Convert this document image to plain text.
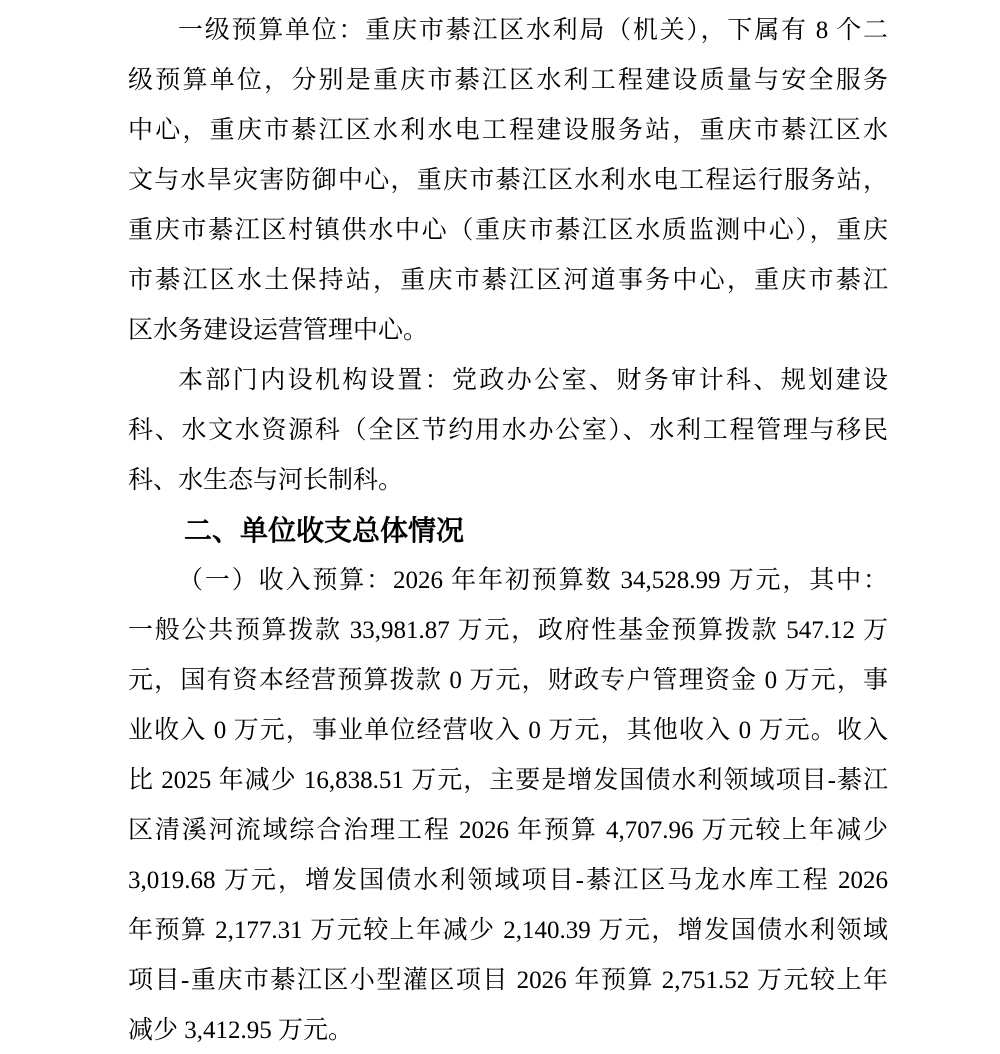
一级预算单位：重庆市綦江区水利局（机关），下属有 8 个二
级预算单位，分别是重庆市綦江区水利工程建设质量与安全服务
中心，重庆市綦江区水利水电工程建设服务站，重庆市綦江区水
文与水旱灾害防御中心，重庆市綦江区水利水电工程运行服务站，
重庆市綦江区村镇供水中心（重庆市綦江区水质监测中心），重庆
市綦江区水土保持站，重庆市綦江区河道事务中心，重庆市綦江
区水务建设运营管理中心。
本部门内设机构设置：党政办公室、财务审计科、规划建设
科、水文水资源科（全区节约用水办公室）、水利工程管理与移民
科、水生态与河长制科。
二、单位收支总体情况
（一）收入预算：2026 年年初预算数 34,528.99 万元，其中：
一般公共预算拨款 33,981.87 万元，政府性基金预算拨款 547.12 万
元，国有资本经营预算拨款 0 万元，财政专户管理资金 0 万元，事
业收入 0 万元，事业单位经营收入 0 万元，其他收入 0 万元。收入
比 2025 年减少 16,838.51 万元，主要是增发国债水利领域项目-綦江
区清溪河流域综合治理工程 2026 年预算 4,707.96 万元较上年减少
3,019.68 万元，增发国债水利领域项目-綦江区马龙水库工程 2026
年预算 2,177.31 万元较上年减少 2,140.39 万元，增发国债水利领域
项目-重庆市綦江区小型灌区项目 2026 年预算 2,751.52 万元较上年
减少 3,412.95 万元。
